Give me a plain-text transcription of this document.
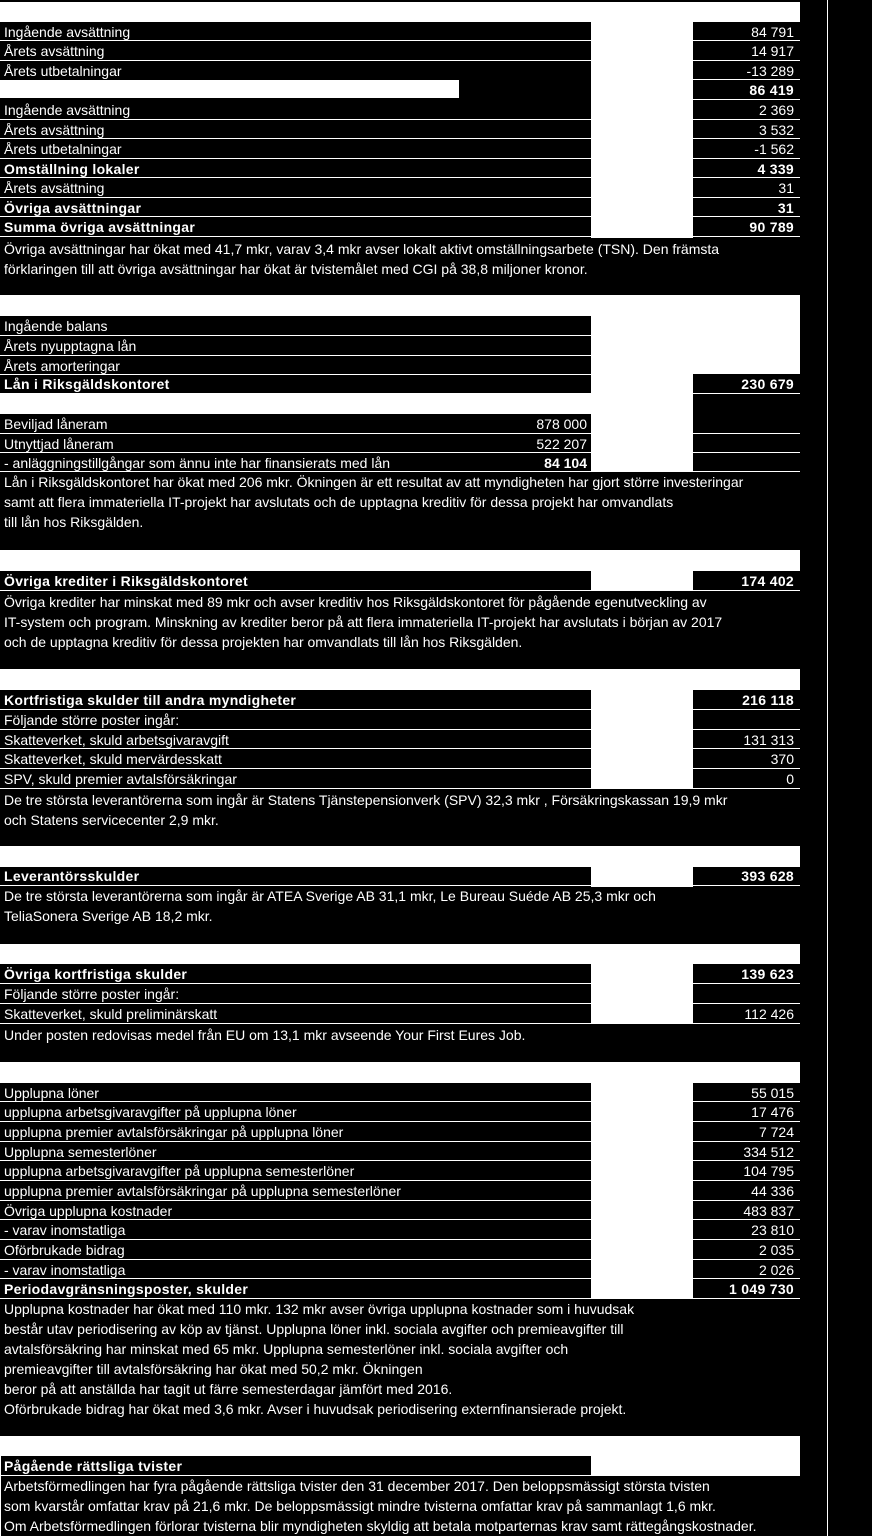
Ingående avsättning	84 791
Årets avsättning	14 917
Årets utbetalningar	-13 289
86 419
Ingående avsättning	2 369
Årets avsättning	3 532
Årets utbetalningar	-1 562
Omställning lokaler	4 339
Årets avsättning	31
Övriga avsättningar	31
Summa övriga avsättningar	90 789
Övriga avsättningar har ökat med 41,7 mkr, varav 3,4 mkr avser lokalt aktivt omställningsarbete (TSN). Den främsta
förklaringen till att övriga avsättningar har ökat är tvistemålet med CGI på 38,8 miljoner kronor.
Ingående balans
Årets nyupptagna lån
Årets amorteringar
Lån i Riksgäldskontoret	230 679
Beviljad låneram	878 000
Utnyttjad låneram	522 207
- anläggningstillgångar som ännu inte har finansierats med lån	84 104
Lån i Riksgäldskontoret har ökat med 206 mkr. Ökningen är ett resultat av att myndigheten har gjort större investeringar
samt att flera immateriella IT-projekt har avslutats och de upptagna kreditiv för dessa projekt har omvandlats
till lån hos Riksgälden.
Övriga krediter i Riksgäldskontoret	174 402
Övriga krediter har minskat med 89 mkr och avser kreditiv hos Riksgäldskontoret för pågående egenutveckling av
IT-system och program. Minskning av krediter beror på att flera immateriella IT-projekt har avslutats i början av 2017
och de upptagna kreditiv för dessa projekten har omvandlats till lån hos Riksgälden.
Kortfristiga skulder till andra myndigheter	216 118
Följande större poster ingår:
Skatteverket, skuld arbetsgivaravgift	131 313
Skatteverket, skuld mervärdesskatt	370
SPV, skuld premier avtalsförsäkringar	0
De tre största leverantörerna som ingår är Statens Tjänstepensionverk (SPV) 32,3 mkr , Försäkringskassan 19,9 mkr
och Statens servicecenter 2,9 mkr.
Leverantörsskulder	393 628
De tre största leverantörerna som ingår är ATEA Sverige AB 31,1 mkr, Le Bureau Suéde AB 25,3 mkr och
TeliaSonera Sverige AB 18,2 mkr.
Övriga kortfristiga skulder	139 623
Följande större poster ingår:
Skatteverket, skuld preliminärskatt	112 426
Under posten redovisas medel från EU om 13,1 mkr avseende Your First Eures Job.
Upplupna löner	55 015
upplupna arbetsgivaravgifter på upplupna löner	17 476
upplupna premier avtalsförsäkringar på upplupna löner	7 724
Upplupna semesterlöner	334 512
upplupna arbetsgivaravgifter på upplupna semesterlöner	104 795
upplupna premier avtalsförsäkringar på upplupna semesterlöner	44 336
Övriga upplupna kostnader	483 837
- varav inomstatliga	23 810
Oförbrukade bidrag	2 035
- varav inomstatliga	2 026
Periodavgränsningsposter, skulder	1 049 730
Upplupna kostnader har ökat med 110 mkr. 132 mkr avser övriga upplupna kostnader som i huvudsak
består utav periodisering av köp av tjänst. Upplupna löner inkl. sociala avgifter och premieavgifter till
avtalsförsäkring har minskat med 65 mkr. Upplupna semesterlöner inkl. sociala avgifter och
premieavgifter till avtalsförsäkring har ökat med 50,2 mkr. Ökningen
beror på att anställda har tagit ut färre semesterdagar jämfört med 2016.
Oförbrukade bidrag har ökat med 3,6 mkr. Avser i huvudsak periodisering externfinansierade projekt.
Pågående rättsliga tvister
Arbetsförmedlingen har fyra pågående rättsliga tvister den 31 december 2017. Den beloppsmässigt största tvisten
som kvarstår omfattar krav på 21,6 mkr. De beloppsmässigt mindre tvisterna omfattar krav på sammanlagt 1,6 mkr.
Om Arbetsförmedlingen förlorar tvisterna blir myndigheten skyldig att betala motparternas krav samt rättegångskostnader.
